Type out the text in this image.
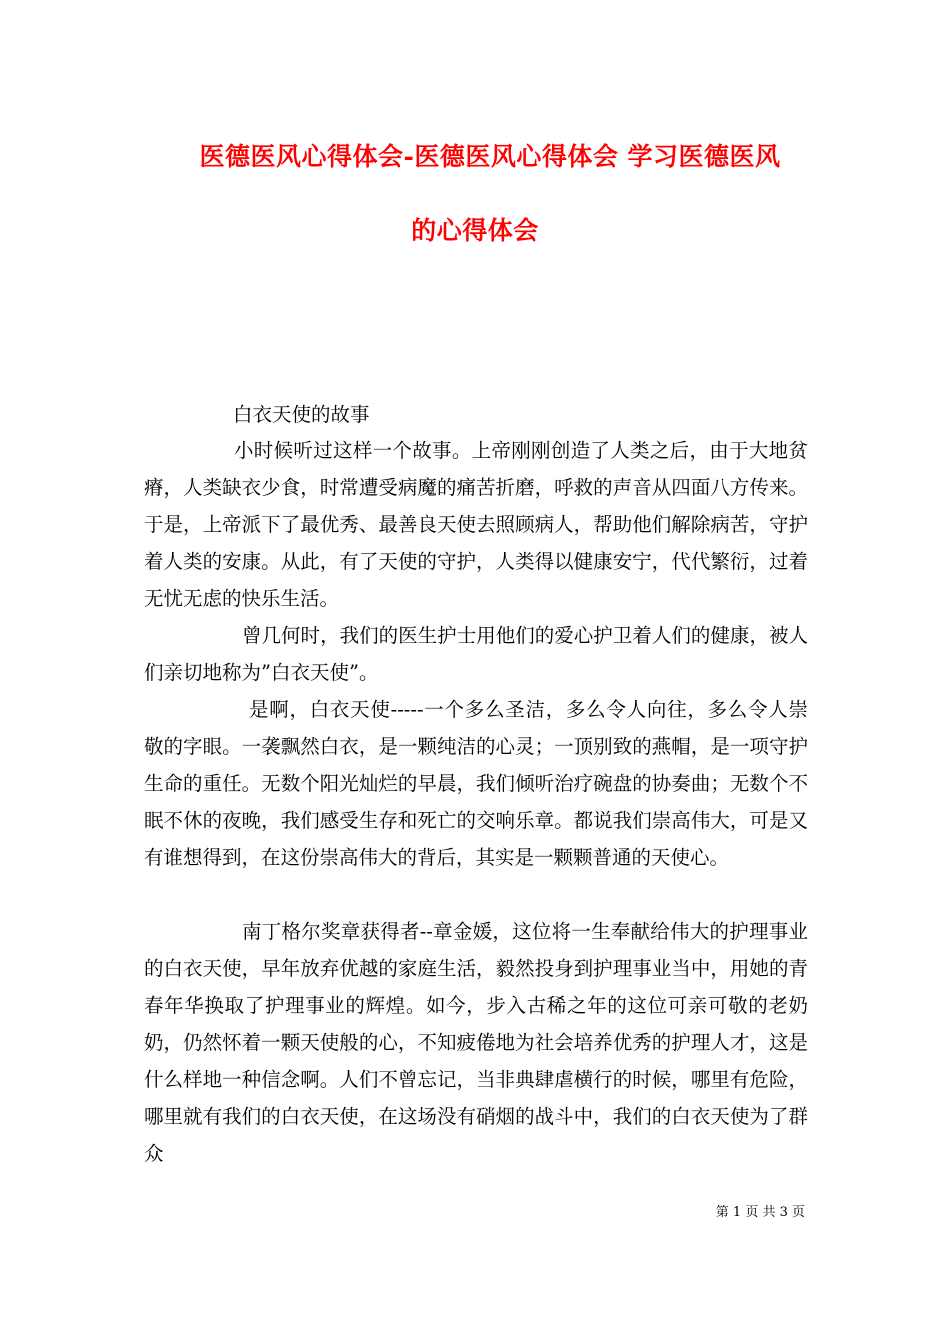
医德医风心得体会-医德医风心得体会 学习医德医风
的心得体会
白衣天使的故事
小时候听过这样一个故事。上帝刚刚创造了人类之后，由于大地贫瘠，人类缺衣少食，时常遭受病魔的痛苦折磨，呼救的声音从四面八方传来。于是，上帝派下了最优秀、最善良天使去照顾病人，帮助他们解除病苦，守护着人类的安康。从此，有了天使的守护，人类得以健康安宁，代代繁衍，过着无忧无虑的快乐生活。
曾几何时，我们的医生护士用他们的爱心护卫着人们的健康，被人们亲切地称为”白衣天使”。
是啊，白衣天使-----一个多么圣洁，多么令人向往，多么令人崇敬的字眼。一袭飘然白衣，是一颗纯洁的心灵；一顶别致的燕帽，是一项守护生命的重任。无数个阳光灿烂的早晨，我们倾听治疗碗盘的协奏曲；无数个不眠不休的夜晚，我们感受生存和死亡的交响乐章。都说我们崇高伟大，可是又有谁想得到，在这份崇高伟大的背后，其实是一颗颗普通的天使心。
南丁格尔奖章获得者--章金媛，这位将一生奉献给伟大的护理事业的白衣天使，早年放弃优越的家庭生活，毅然投身到护理事业当中，用她的青春年华换取了护理事业的辉煌。如今，步入古稀之年的这位可亲可敬的老奶奶，仍然怀着一颗天使般的心，不知疲倦地为社会培养优秀的护理人才，这是什么样地一种信念啊。人们不曾忘记，当非典肆虐横行的时候，哪里有危险，哪里就有我们的白衣天使，在这场没有硝烟的战斗中，我们的白衣天使为了群众
第 1 页 共 3 页
